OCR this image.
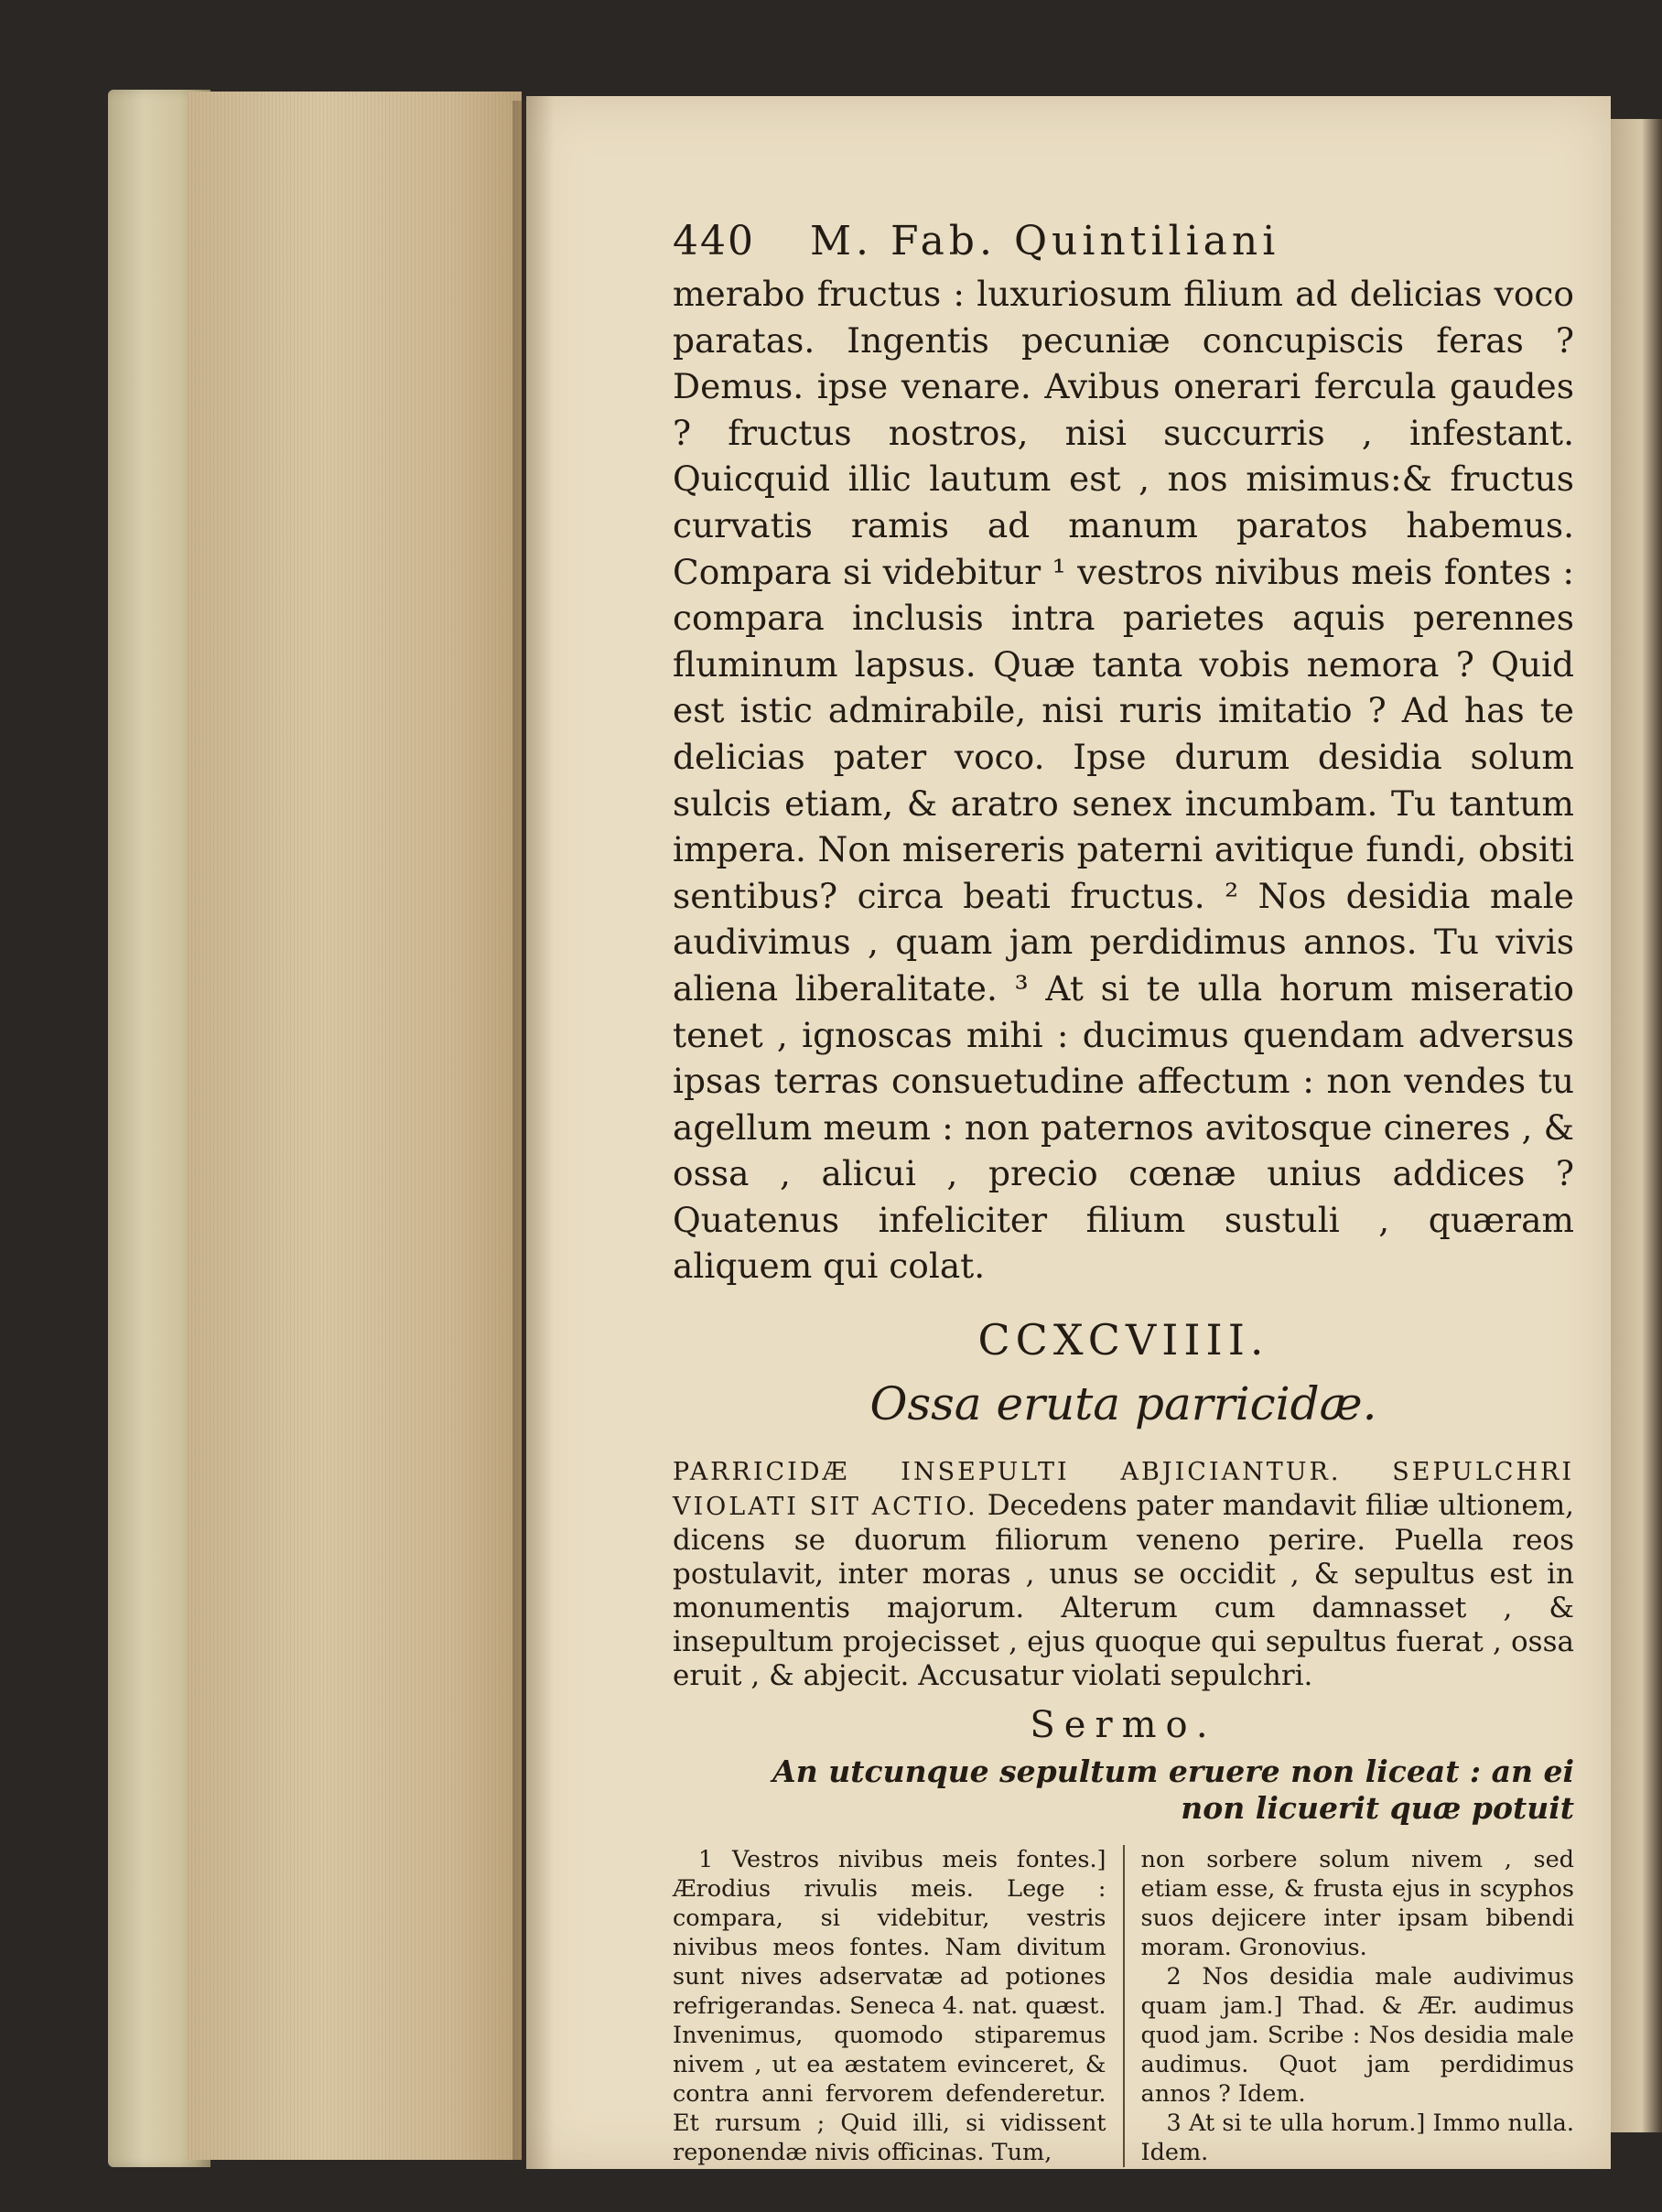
440	M. Fab. Quintiliani

merabo fructus : luxuriosum filium ad delicias voco paratas. Ingentis pecuniæ concupiscis feras ? Demus. ipse venare. Avibus onerari fercula gaudes ? fructus nostros, nisi succurris , infestant. Quicquid illic lautum est , nos misimus:& fructus curvatis ramis ad manum paratos habemus. Compara si videbitur ¹ vestros nivibus meis fontes : compara inclusis intra parietes aquis perennes fluminum lapsus. Quæ tanta vobis nemora ? Quid est istic admirabile, nisi ruris imitatio ? Ad has te delicias pater voco. Ipse durum desidia solum sulcis etiam, & aratro senex incumbam. Tu tantum impera. Non misereris paterni avitique fundi, obsiti sentibus? circa beati fructus. ² Nos desidia male audivimus , quam jam perdidimus annos. Tu vivis aliena liberalitate. ³ At si te ulla horum miseratio tenet , ignoscas mihi : ducimus quendam adversus ipsas terras consuetudine affectum : non vendes tu agellum meum : non paternos avitosque cineres , & ossa , alicui , precio cœnæ unius addices ? Quatenus infeliciter filium sustuli , quæram aliquem qui colat.

CCXCVIIII.
Ossa eruta parricidæ.
PARRICIDÆ INSEPULTI ABJICIANTUR. SEPULCHRI VIOLATI SIT ACTIO. Decedens pater mandavit filiæ ultionem, dicens se duorum filiorum veneno perire. Puella reos postulavit, inter moras , unus se occidit , & sepultus est in monumentis majorum. Alterum cum damnasset , & insepultum projecisset , ejus quoque qui sepultus fuerat , ossa eruit , & abjecit. Accusatur violati sepulchri.
Sermo.
An utcunque sepultum eruere non liceat : an ei non licuerit quæ potuit

1 Vestros nivibus meis fontes.] Ærodius rivulis meis. Lege : compara, si videbitur, vestris nivibus meos fontes. Nam divitum sunt nives adservatæ ad potiones refrigerandas. Seneca 4. nat. quæst. Invenimus, quomodo stiparemus nivem , ut ea æstatem evinceret, & contra anni fervorem defenderetur. Et rursum ; Quid illi, si vidissent reponendæ nivis officinas. Tum,

non sorbere solum nivem , sed etiam esse, & frusta ejus in scyphos suos dejicere inter ipsam bibendi moram. Gronovius.

2 Nos desidia male audivimus quam jam.] Thad. & Ær. audimus quod jam. Scribe : Nos desidia male audimus. Quot jam perdidimus annos ? Idem.

3 At si te ulla horum.] Immo nulla. Idem.
